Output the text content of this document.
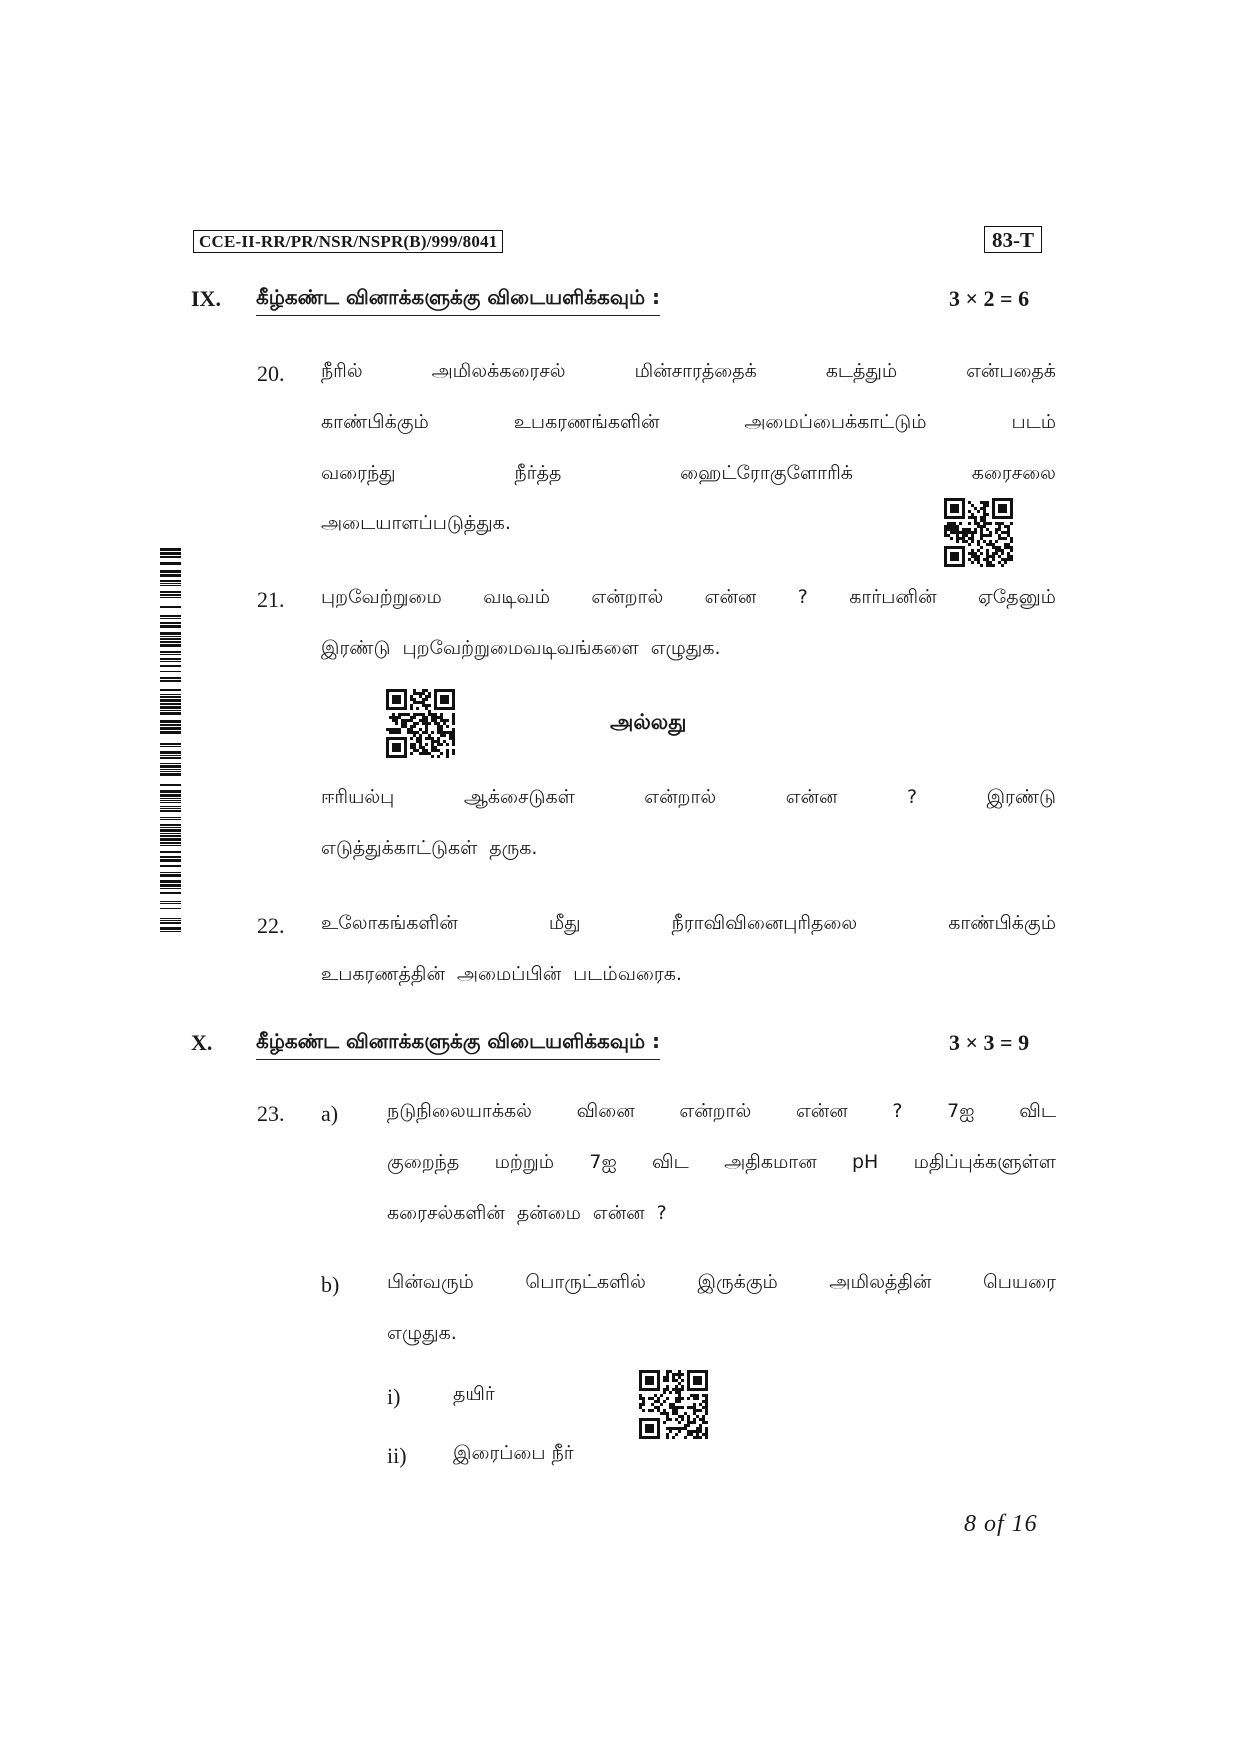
CCE-II-RR/PR/NSR/NSPR(B)/999/8041	83-T
IX. கீழ்கண்ட வினாக்களுக்கு விடையளிக்கவும் :	3 × 2 = 6
20. நீரில்	அமிலக்கரைசல்	மின்சாரத்தைக்	கடத்தும்	என்பதைக்
காண்பிக்கும்	உபகரணங்களின்	அமைப்பைக்காட்டும்	படம்
வரைந்து	நீர்த்த	ஹைட்ரோகுளோரிக்	கரைசலை
அடையாளப்படுத்துக.
21. புறவேற்றுமை வடிவம் என்றால் என்ன ? கார்பனின் ஏதேனும்
இரண்டு புறவேற்றுமைவடிவங்களை எழுதுக.
அல்லது
ஈரியல்பு	ஆக்சைடுகள்	என்றால்	என்ன	?	இரண்டு
எடுத்துக்காட்டுகள் தருக.
22. உலோகங்களின்	மீது	நீராவிவினைபுரிதலை	காண்பிக்கும்
உபகரணத்தின் அமைப்பின் படம்வரைக.
X. கீழ்கண்ட வினாக்களுக்கு விடையளிக்கவும் :	3 × 3 = 9
23. a)	நடுநிலையாக்கல் வினை என்றால் என்ன ? 7ஐ விட
குறைந்த மற்றும் 7ஐ விட அதிகமான pH மதிப்புக்களுள்ள
கரைசல்களின் தன்மை என்ன ?
b)	பின்வரும்	பொருட்களில்	இருக்கும்	அமிலத்தின்	பெயரை
எழுதுக.
i)	தயிர்
ii) இரைப்பை நீர்
8 of 16
